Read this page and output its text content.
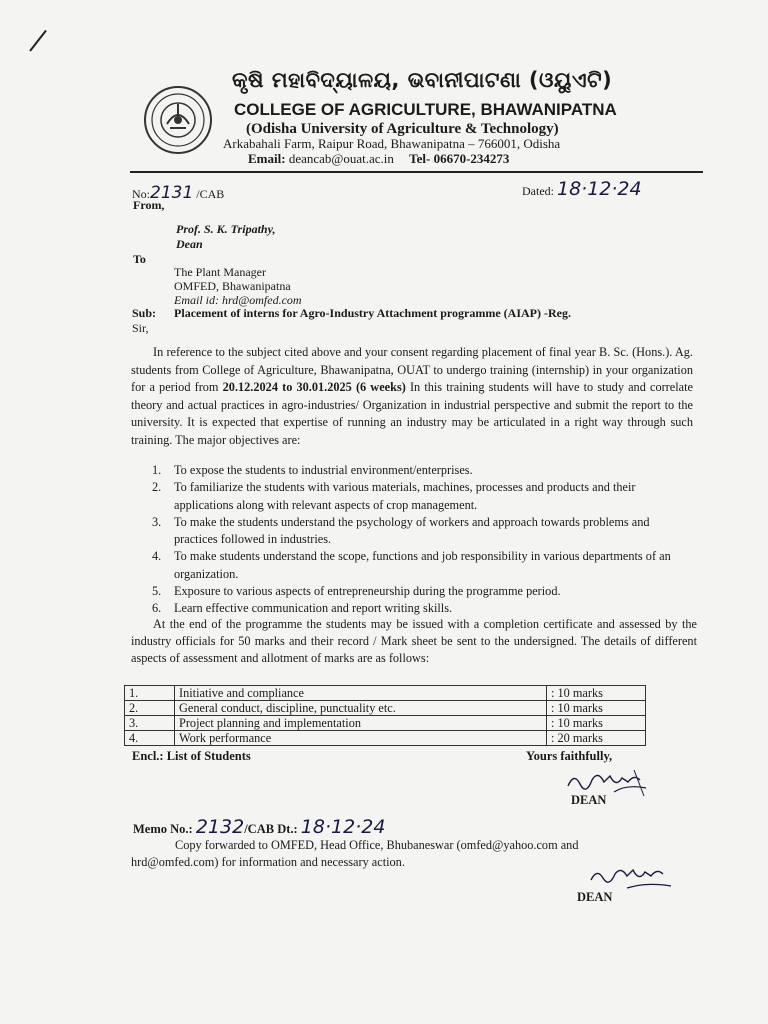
କୃଷି ମହାବିଦ୍ୟାଳୟ, ଭବାନୀପାଟଣା (ଓୟୁଏଟି)
COLLEGE OF AGRICULTURE, BHAWANIPATNA
(Odisha University of Agriculture & Technology)
Arkabahali Farm, Raipur Road, Bhawanipatna – 766001, Odisha
Email: deancab@ouat.ac.in Tel- 06670-234273
No:2131 /CAB	Dated: 18·12·24
From,
Prof. S. K. Tripathy,
Dean
To
The Plant Manager
OMFED, Bhawanipatna
Email id: hrd@omfed.com
Sub: Placement of interns for Agro-Industry Attachment programme (AIAP) -Reg.
Sir,
In reference to the subject cited above and your consent regarding placement of final year B. Sc. (Hons.). Ag. students from College of Agriculture, Bhawanipatna, OUAT to undergo training (internship) in your organization for a period from 20.12.2024 to 30.01.2025 (6 weeks) In this training students will have to study and correlate theory and actual practices in agro-industries/ Organization in industrial perspective and submit the report to the university. It is expected that expertise of running an industry may be articulated in a right way through such training. The major objectives are:
1. To expose the students to industrial environment/enterprises.
2. To familiarize the students with various materials, machines, processes and products and their applications along with relevant aspects of crop management.
3. To make the students understand the psychology of workers and approach towards problems and practices followed in industries.
4. To make students understand the scope, functions and job responsibility in various departments of an organization.
5. Exposure to various aspects of entrepreneurship during the programme period.
6. Learn effective communication and report writing skills.
At the end of the programme the students may be issued with a completion certificate and assessed by the industry officials for 50 marks and their record / Mark sheet be sent to the undersigned. The details of different aspects of assessment and allotment of marks are as follows:
1.	Initiative and compliance	: 10 marks
2.	General conduct, discipline, punctuality etc.	: 10 marks
3.	Project planning and implementation	: 10 marks
4.	Work performance	: 20 marks
Encl.: List of Students	Yours faithfully,
DEAN
Memo No.: 2132/CAB Dt.: 18·12·24
Copy forwarded to OMFED, Head Office, Bhubaneswar (omfed@yahoo.com and hrd@omfed.com) for information and necessary action.
DEAN
